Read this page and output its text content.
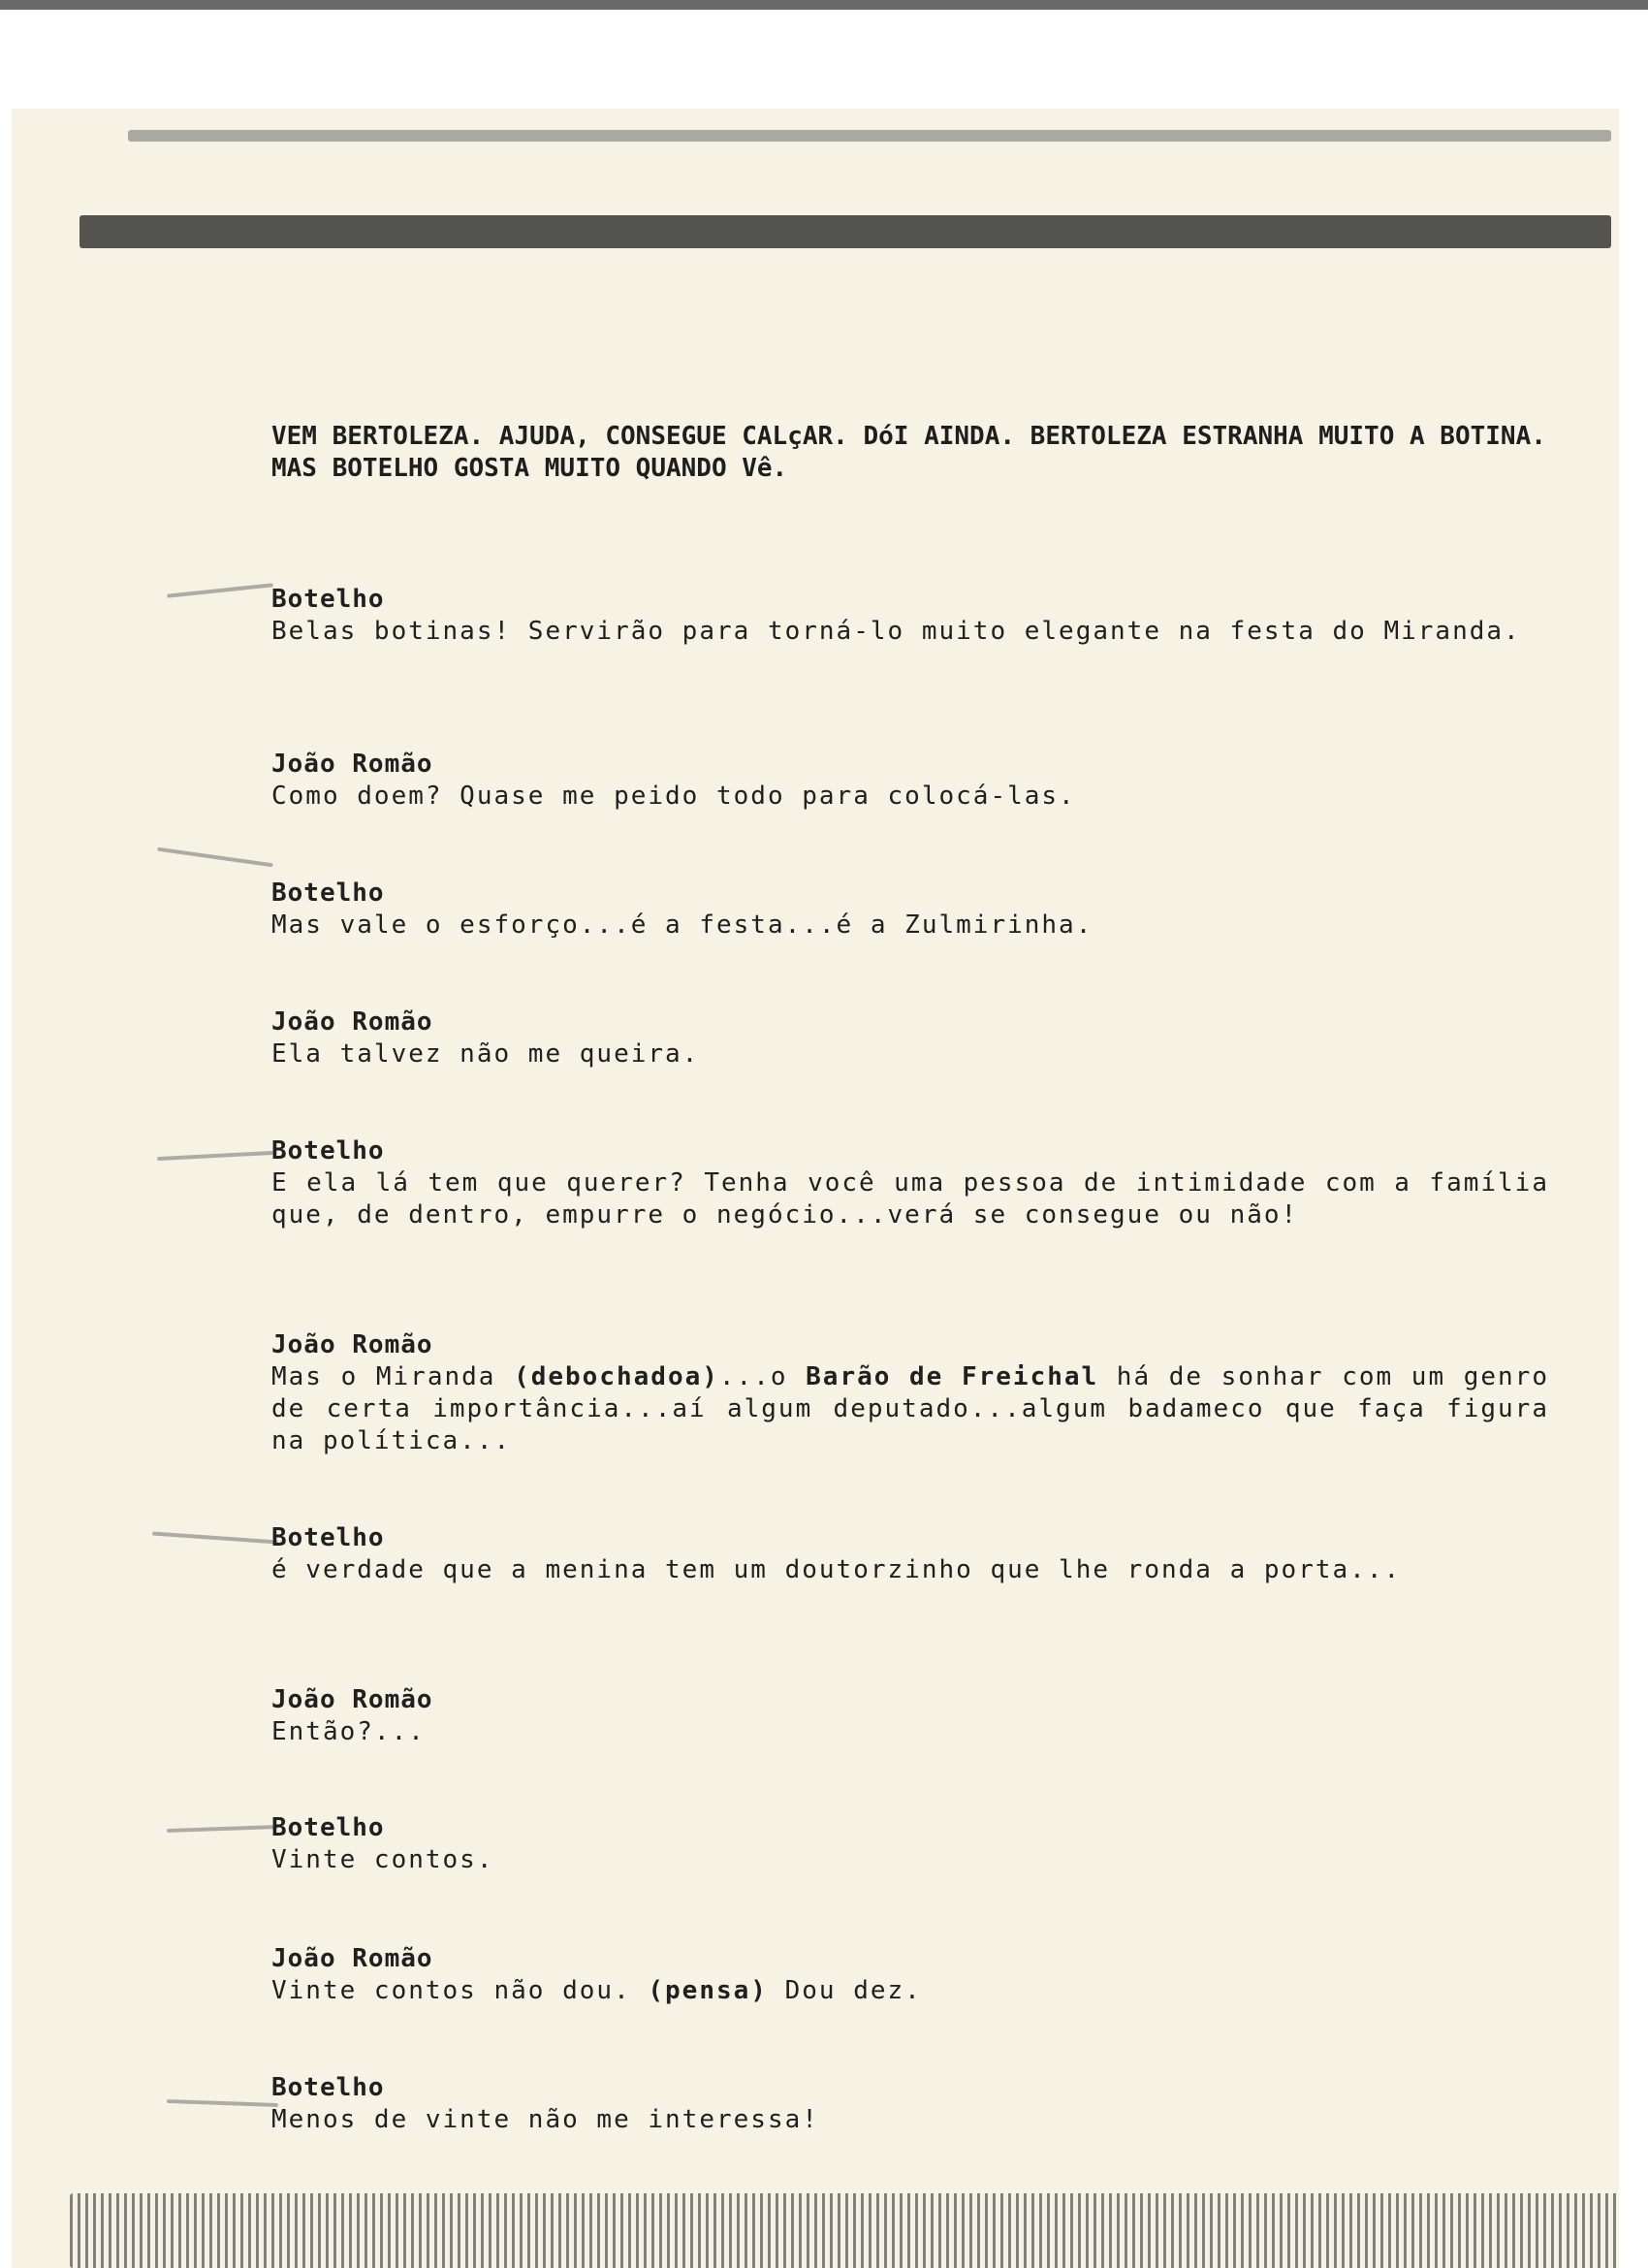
VEM BERTOLEZA. AJUDA, CONSEGUE CALçAR. DóI AINDA. BERTOLEZA ESTRANHA MUITO A BOTINA. MAS BOTELHO GOSTA MUITO QUANDO Vê.

Botelho
Belas botinas! Servirão para torná-lo muito elegante na festa do Miranda.
João Romão
Como doem? Quase me peido todo para colocá-las.
Botelho
Mas vale o esforço...é a festa...é a Zulmirinha.
João Romão
Ela talvez não me queira.
Botelho
E ela lá tem que querer? Tenha você uma pessoa de intimidade com a família que, de dentro, empurre o negócio...verá se consegue ou não!
João Romão
Mas o Miranda (debochadoa)...o Barão de Freichal há de sonhar com um genro de certa importância...aí algum deputado...algum badameco que faça figura na política...
Botelho
é verdade que a menina tem um doutorzinho que lhe ronda a porta...
João Romão
Então?...
Botelho
Vinte contos.
João Romão
Vinte contos não dou. (pensa) Dou dez.
Botelho
Menos de vinte não me interessa!
